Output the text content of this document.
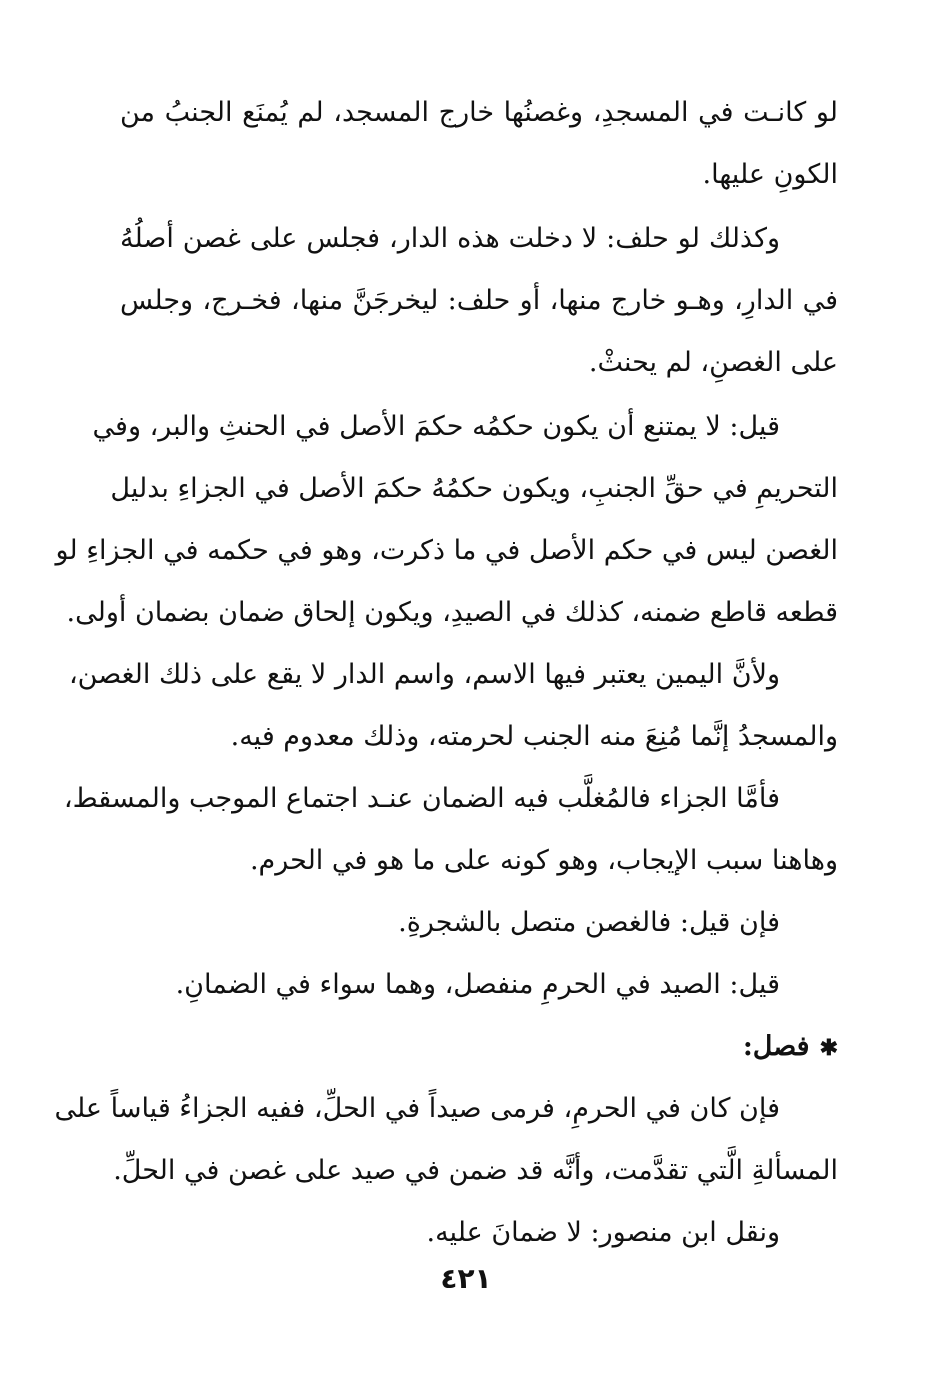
لو كانـت في المسجدِ، وغصنُها خارج المسجد، لم يُمنَع الجنبُ من
الكونِ عليها.
وكذلك لو حلف: لا دخلت هذه الدار، فجلس على غصن أصلُهُ
في الدارِ، وهـو خارج منها، أو حلف: ليخرجَنَّ منها، فخـرج، وجلس
على الغصنِ، لم يحنثْ.
قيل: لا يمتنع أن يكون حكمُه حكمَ الأصل في الحنثِ والبر، وفي
التحريمِ في حقِّ الجنبِ، ويكون حكمُهُ حكمَ الأصل في الجزاءِ بدليل
الغصن ليس في حكم الأصل في ما ذكرت، وهو في حكمه في الجزاءِ لو
قطعه قاطع ضمنه، كذلك في الصيدِ، ويكون إلحاق ضمان بضمان أولى.
ولأنَّ اليمين يعتبر فيها الاسم، واسم الدار لا يقع على ذلك الغصن،
والمسجدُ إنَّما مُنِعَ منه الجنب لحرمته، وذلك معدوم فيه.
فأمَّا الجزاء فالمُغلَّب فيه الضمان عنـد اجتماع الموجب والمسقط،
وهاهنا سبب الإيجاب، وهو كونه على ما هو في الحرم.
فإن قيل: فالغصن متصل بالشجرةِ.
قيل: الصيد في الحرمِ منفصل، وهما سواء في الضمانِ.
✱فصل:
فإن كان في الحرمِ، فرمى صيداً في الحلِّ، ففيه الجزاءُ قياساً على
المسألةِ الَّتي تقدَّمت، وأنَّه قد ضمن في صيد على غصن في الحلِّ.
ونقل ابن منصور: لا ضمانَ عليه.
٤٢١
